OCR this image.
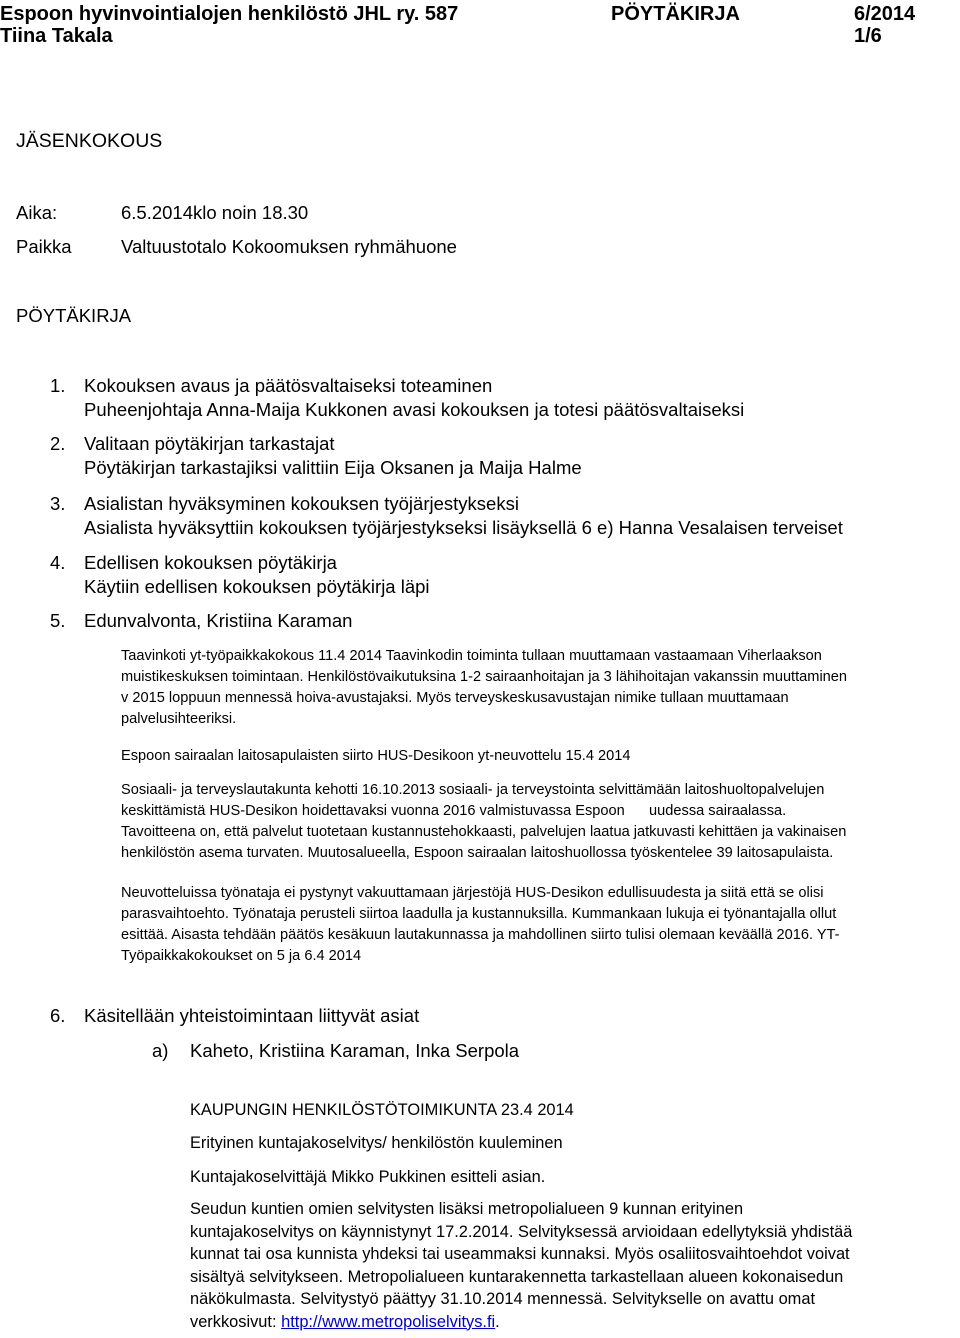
Espoon hyvinvointialojen henkilöstö JHL ry. 587	PÖYTÄKIRJA	6/2014
Tiina Takala	1/6
JÄSENKOKOUS
Aika:	6.5.2014klo noin 18.30
Paikka	Valtuustotalo Kokoomuksen ryhmähuone
PÖYTÄKIRJA
1. Kokouksen avaus ja päätösvaltaiseksi toteaminen
Puheenjohtaja Anna-Maija Kukkonen avasi kokouksen ja totesi päätösvaltaiseksi
2. Valitaan pöytäkirjan tarkastajat
Pöytäkirjan tarkastajiksi valittiin Eija Oksanen ja Maija Halme
3. Asialistan hyväksyminen kokouksen työjärjestykseksi
Asialista hyväksyttiin kokouksen työjärjestykseksi lisäyksellä 6 e) Hanna Vesalaisen terveiset
4. Edellisen kokouksen pöytäkirja
Käytiin edellisen kokouksen pöytäkirja läpi
5. Edunvalvonta, Kristiina Karaman
Taavinkoti yt-työpaikkakokous 11.4 2014 Taavinkodin toiminta tullaan muuttamaan vastaamaan Viherlaakson
muistikeskuksen toimintaan. Henkilöstövaikutuksina 1-2 sairaanhoitajan ja 3 lähihoitajan vakanssin muuttaminen
v 2015 loppuun mennessä hoiva-avustajaksi. Myös terveyskeskusavustajan nimike tullaan muuttamaan
palvelusihteeriksi.
Espoon sairaalan laitosapulaisten siirto HUS-Desikoon yt-neuvottelu 15.4 2014
Sosiaali- ja terveyslautakunta kehotti 16.10.2013 sosiaali- ja terveystointa selvittämään laitoshuoltopalvelujen
keskittämistä HUS-Desikon hoidettavaksi vuonna 2016 valmistuvassa Espoon      uudessa sairaalassa.
Tavoitteena on, että palvelut tuotetaan kustannustehokkaasti, palvelujen laatua jatkuvasti kehittäen ja vakinaisen
henkilöstön asema turvaten. Muutosalueella, Espoon sairaalan laitoshuollossa työskentelee 39 laitosapulaista.
Neuvotteluissa työnataja ei pystynyt vakuuttamaan järjestöjä HUS-Desikon edullisuudesta ja siitä että se olisi
parasvaihtoehto. Työnataja perusteli siirtoa laadulla ja kustannuksilla. Kummankaan lukuja ei työnantajalla ollut
esittää. Aisasta tehdään päätös kesäkuun lautakunnassa ja mahdollinen siirto tulisi olemaan keväällä 2016. YT-
Työpaikkakokoukset on 5 ja 6.4 2014
6. Käsitellään yhteistoimintaan liittyvät asiat
a) Kaheto, Kristiina Karaman, Inka Serpola
KAUPUNGIN HENKILÖSTÖTOIMIKUNTA 23.4 2014
Erityinen kuntajakoselvitys/ henkilöstön kuuleminen
Kuntajakoselvittäjä Mikko Pukkinen esitteli asian.
Seudun kuntien omien selvitysten lisäksi metropolialueen 9 kunnan erityinen
kuntajakoselvitys on käynnistynyt 17.2.2014. Selvityksessä arvioidaan edellytyksiä yhdistää
kunnat tai osa kunnista yhdeksi tai useammaksi kunnaksi. Myös osaliitosvaihtoehdot voivat
sisältyä selvitykseen. Metropolialueen kuntarakennetta tarkastellaan alueen kokonaisedun
näkökulmasta. Selvitystyö päättyy 31.10.2014 mennessä. Selvitykselle on avattu omat
verkkosivut: http://www.metropoliselvitys.fi.
